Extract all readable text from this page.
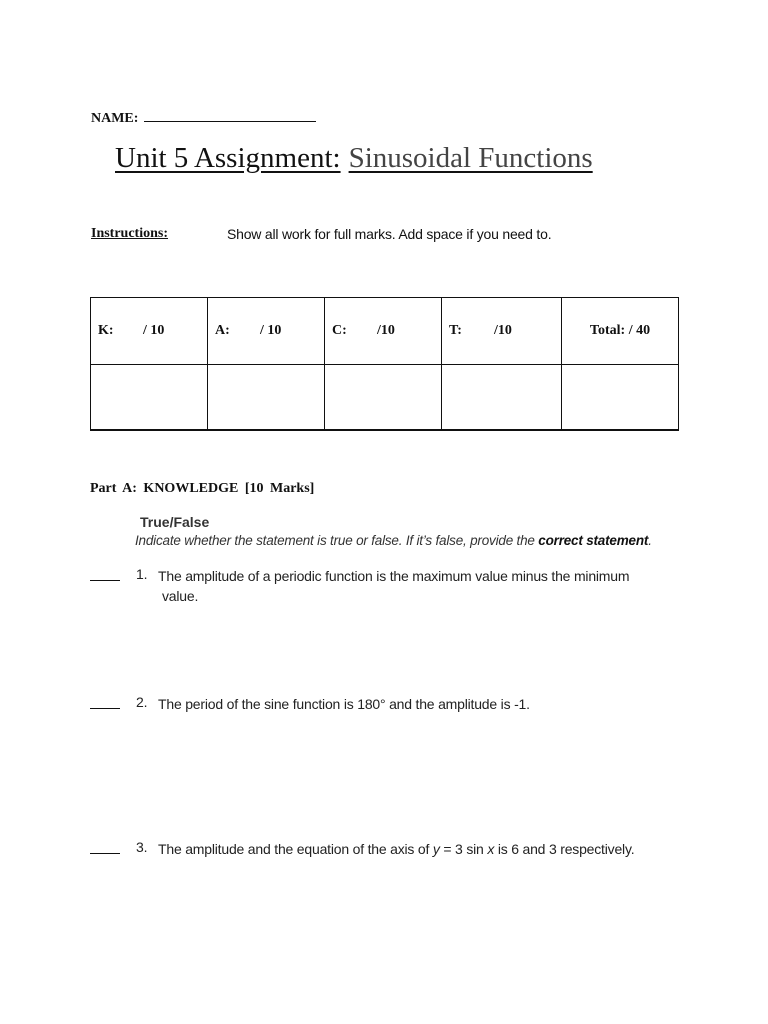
NAME:
Unit 5 Assignment: Sinusoidal Functions
Instructions:	Show all work for full marks. Add space if you need to.
K: / 10	A: / 10	C: /10	T: /10	Total: / 40

Part A: KNOWLEDGE [10 Marks]
True/False
Indicate whether the statement is true or false. If it’s false, provide the correct statement.
1. The amplitude of a periodic function is the maximum value minus the minimum
value.
2. The period of the sine function is 180° and the amplitude is -1.
3. The amplitude and the equation of the axis of y = 3 sin x is 6 and 3 respectively.
